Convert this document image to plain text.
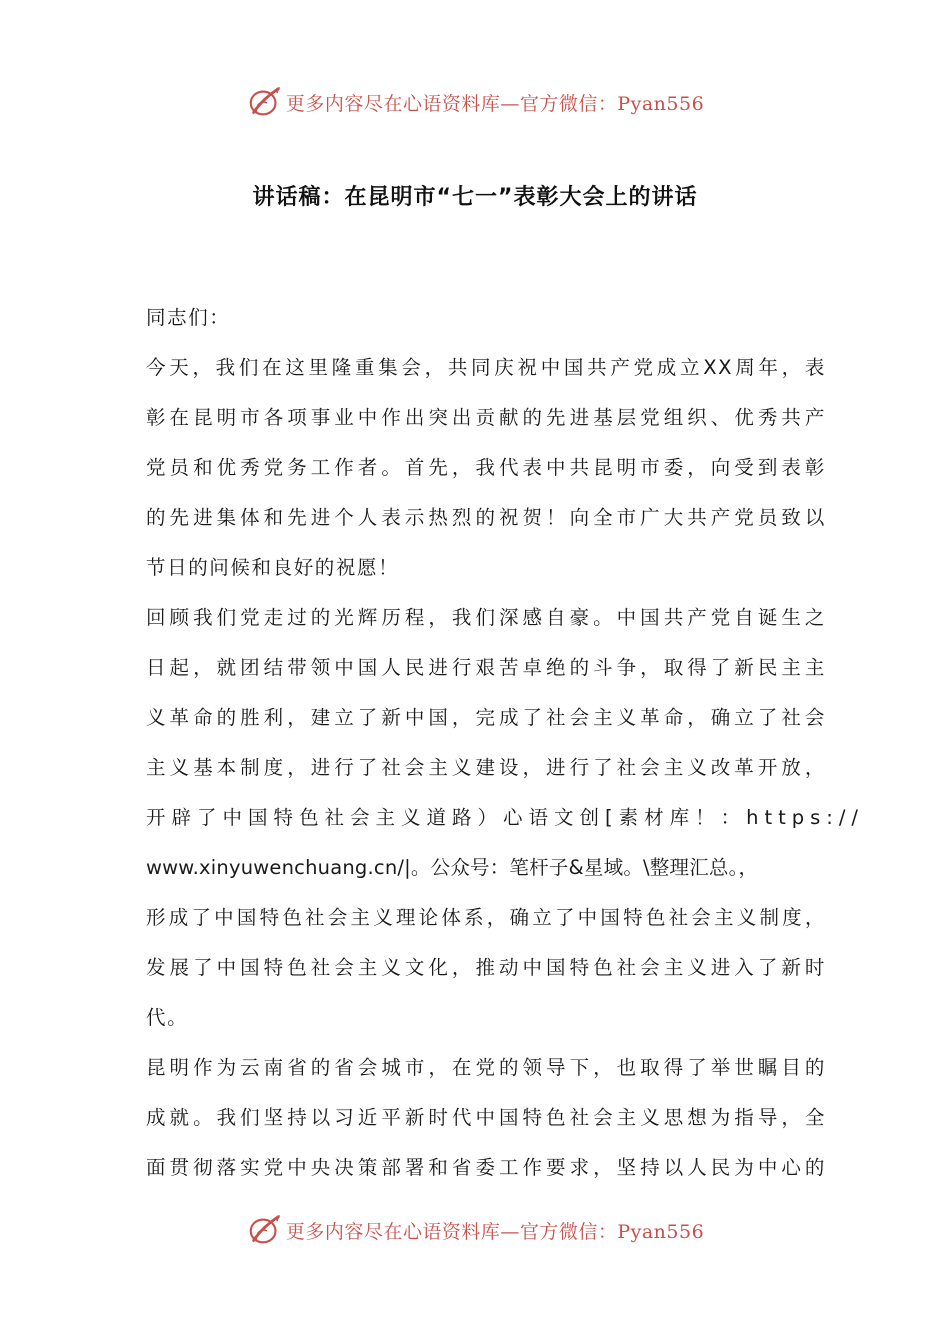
更多内容尽在心语资料库—官方微信：Pyan556
讲话稿：在昆明市“七一”表彰大会上的讲话
同志们：
今天，我们在这里隆重集会，共同庆祝中国共产党成立XX周年，表
彰在昆明市各项事业中作出突出贡献的先进基层党组织、优秀共产
党员和优秀党务工作者。首先，我代表中共昆明市委，向受到表彰
的先进集体和先进个人表示热烈的祝贺！向全市广大共产党员致以
节日的问候和良好的祝愿！
回顾我们党走过的光辉历程，我们深感自豪。中国共产党自诞生之
日起，就团结带领中国人民进行艰苦卓绝的斗争，取得了新民主主
义革命的胜利，建立了新中国，完成了社会主义革命，确立了社会
主义基本制度，进行了社会主义建设，进行了社会主义改革开放，
开辟了中国特色社会主义道路）心语文创[素材库！：https://
www.xinyuwenchuang.cn/|。公众号：笔杆子&星域。\整理汇总。，
形成了中国特色社会主义理论体系，确立了中国特色社会主义制度，
发展了中国特色社会主义文化，推动中国特色社会主义进入了新时
代。
昆明作为云南省的省会城市，在党的领导下，也取得了举世瞩目的
成就。我们坚持以习近平新时代中国特色社会主义思想为指导，全
面贯彻落实党中央决策部署和省委工作要求，坚持以人民为中心的
更多内容尽在心语资料库—官方微信：Pyan556
